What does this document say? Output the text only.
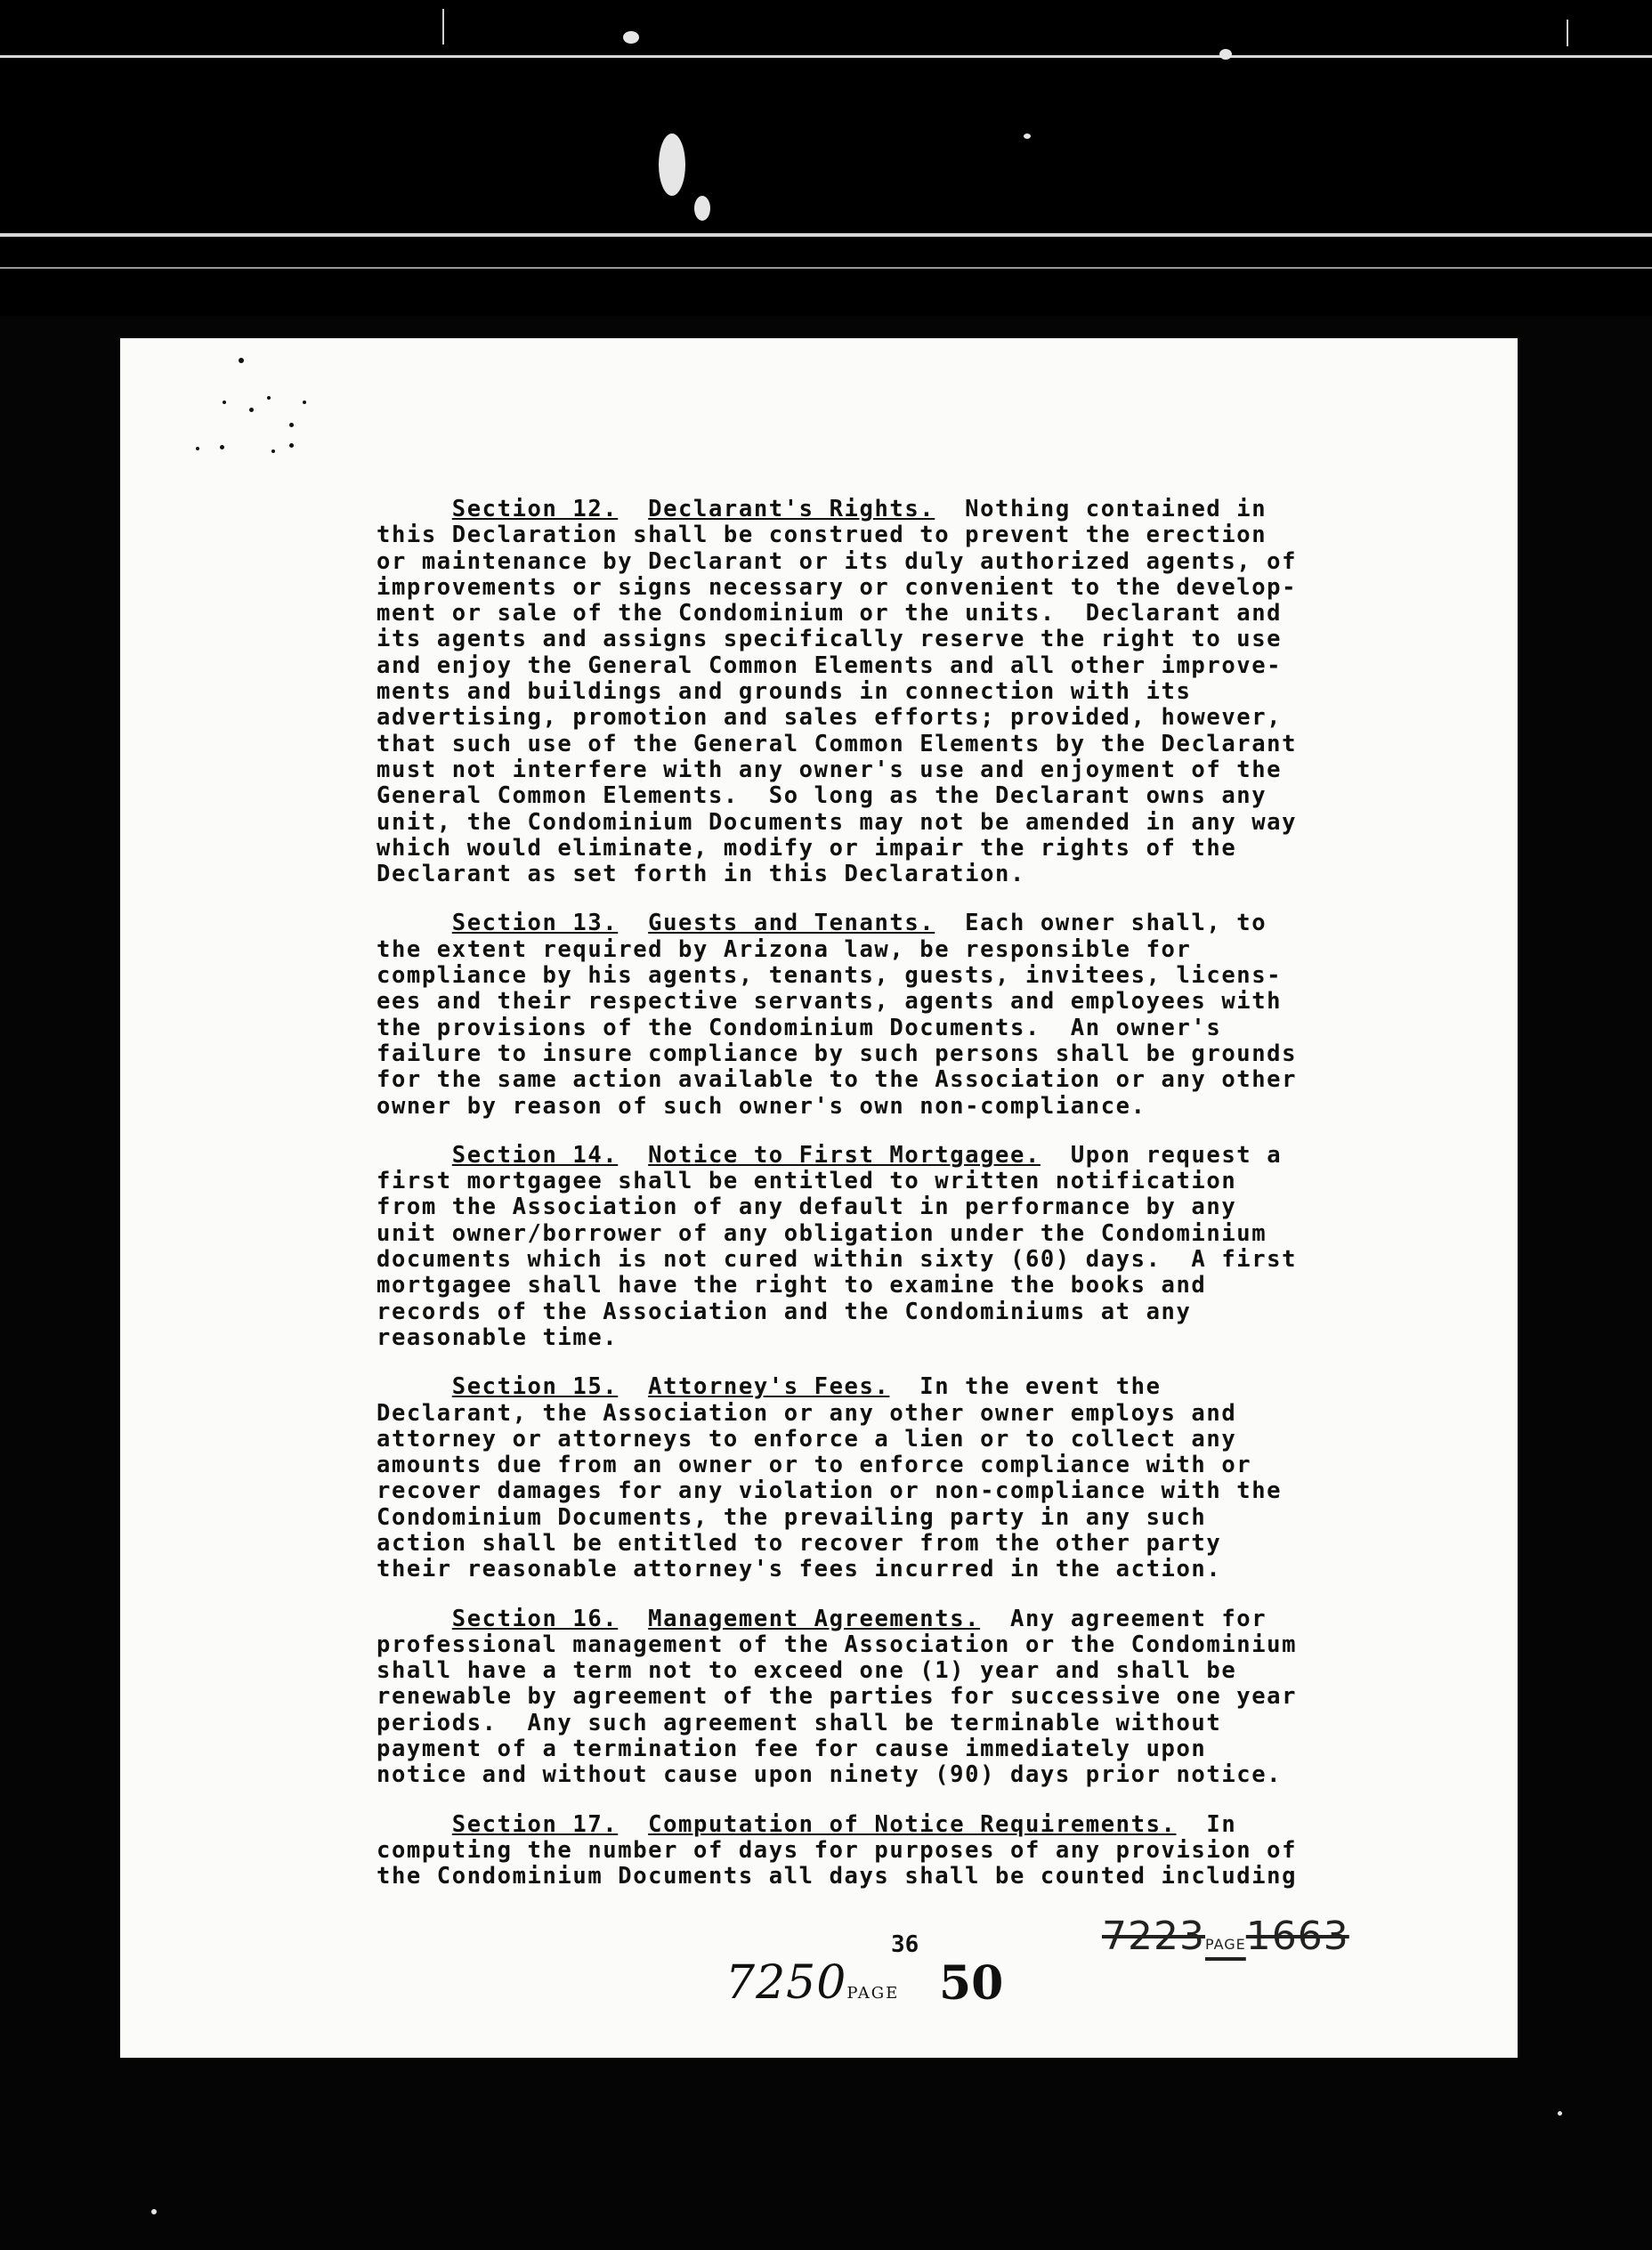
Section 12. Declarant's Rights.  Nothing contained in
this Declaration shall be construed to prevent the erection
or maintenance by Declarant or its duly authorized agents, of
improvements or signs necessary or convenient to the develop-
ment or sale of the Condominium or the units.  Declarant and
its agents and assigns specifically reserve the right to use
and enjoy the General Common Elements and all other improve-
ments and buildings and grounds in connection with its
advertising, promotion and sales efforts; provided, however,
that such use of the General Common Elements by the Declarant
must not interfere with any owner's use and enjoyment of the
General Common Elements.  So long as the Declarant owns any
unit, the Condominium Documents may not be amended in any way
which would eliminate, modify or impair the rights of the
Declarant as set forth in this Declaration.

Section 13. Guests and Tenants.  Each owner shall, to
the extent required by Arizona law, be responsible for
compliance by his agents, tenants, guests, invitees, licens-
ees and their respective servants, agents and employees with
the provisions of the Condominium Documents.  An owner's
failure to insure compliance by such persons shall be grounds
for the same action available to the Association or any other
owner by reason of such owner's own non-compliance.

Section 14. Notice to First Mortgagee.  Upon request a
first mortgagee shall be entitled to written notification
from the Association of any default in performance by any
unit owner/borrower of any obligation under the Condominium
documents which is not cured within sixty (60) days.  A first
mortgagee shall have the right to examine the books and
records of the Association and the Condominiums at any
reasonable time.

Section 15. Attorney's Fees.  In the event the
Declarant, the Association or any other owner employs and
attorney or attorneys to enforce a lien or to collect any
amounts due from an owner or to enforce compliance with or
recover damages for any violation or non-compliance with the
Condominium Documents, the prevailing party in any such
action shall be entitled to recover from the other party
their reasonable attorney's fees incurred in the action.

Section 16. Management Agreements.  Any agreement for
professional management of the Association or the Condominium
shall have a term not to exceed one (1) year and shall be
renewable by agreement of the parties for successive one year
periods.  Any such agreement shall be terminable without
payment of a termination fee for cause immediately upon
notice and without cause upon ninety (90) days prior notice.

Section 17. Computation of Notice Requirements.  In
computing the number of days for purposes of any provision of
the Condominium Documents all days shall be counted including

36
7250PAGE 50
7223PAGE1663
